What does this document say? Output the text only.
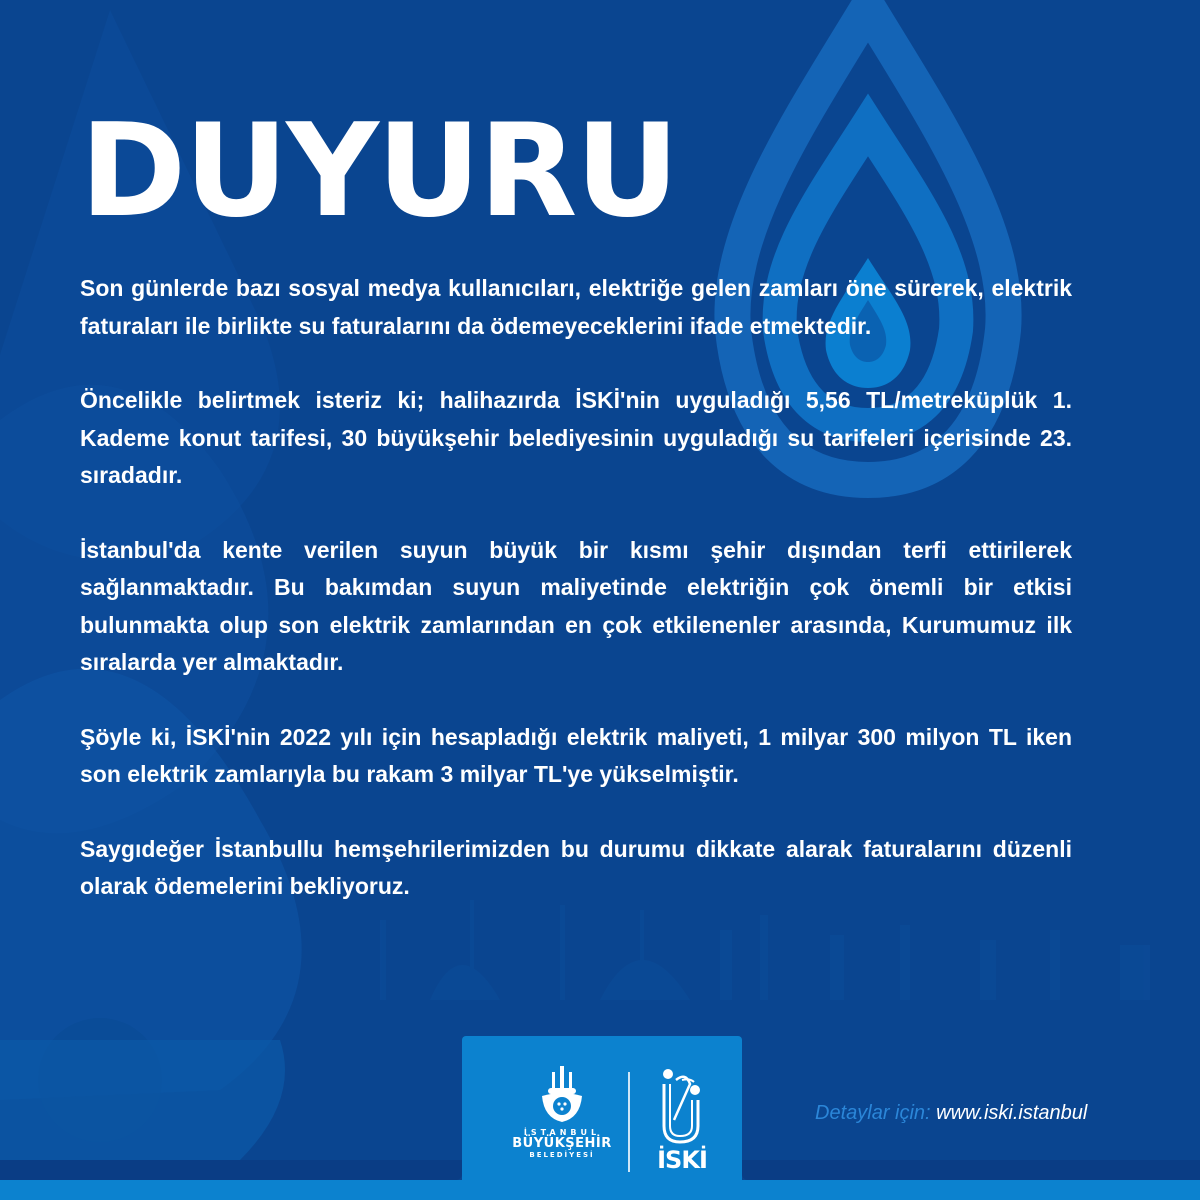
DUYURU

Son günlerde bazı sosyal medya kullanıcıları, elektriğe gelen zamları öne sürerek, elektrik faturaları ile birlikte su faturalarını da ödemeyeceklerini ifade etmektedir.

Öncelikle belirtmek isteriz ki; halihazırda İSKİ'nin uyguladığı 5,56 TL/metreküplük 1. Kademe konut tarifesi, 30 büyükşehir belediyesinin uyguladığı su tarifeleri içerisinde 23. sıradadır.

İstanbul'da kente verilen suyun büyük bir kısmı şehir dışından terfi ettirilerek sağlanmaktadır. Bu bakımdan suyun maliyetinde elektriğin çok önemli bir etkisi bulunmakta olup son elektrik zamlarından en çok etkilenenler arasında, Kurumumuz ilk sıralarda yer almaktadır.

Şöyle ki, İSKİ'nin 2022 yılı için hesapladığı elektrik maliyeti, 1 milyar 300 milyon TL iken son elektrik zamlarıyla bu rakam 3 milyar TL'ye yükselmiştir.

Saygıdeğer İstanbullu hemşehrilerimizden bu durumu dikkate alarak faturalarını düzenli olarak ödemelerini bekliyoruz.

İSTANBUL
BÜYÜKŞEHİR
BELEDİYESİ	İSKİ
Detaylar için: www.iski.istanbul
